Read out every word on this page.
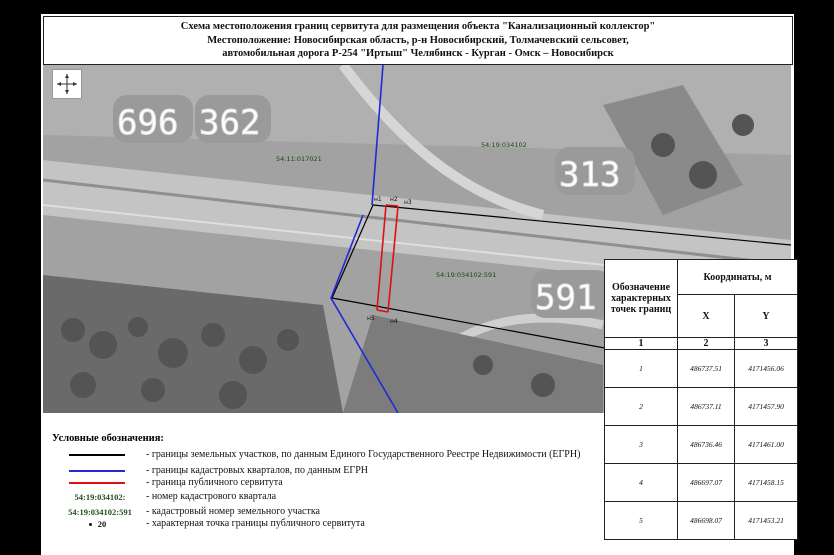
Схема местоположения границ сервитута для размещения объекта "Канализационный коллектор"
Местоположение: Новосибирская область, р-н Новосибирский, Толмачевский сельсовет,
автомобильная дорога Р-254 "Иртыш" Челябинск - Курган - Омск – Новосибирск
696 362
313
591
54:11:017021
54:19:034102
54:19:034102:591
н1 н2 н3
н4
н5
Условные обозначения:
- границы земельных участков, по данным Единого Государственного Реестре Недвижимости (ЕГРН)
- границы кадастровых кварталов, по данным ЕГРН
- граница публичного сервитута
54:19:034102:	- номер кадастрового квартала
54:19:034102:591	- кадастровый номер земельного участка
20	- характерная точка границы публичного сервитута
Обозначение характерных точек границ	Координаты, м	
	X	Y
1	2	3
1	486737.51	4171456.06
2	486737.11	4171457.90
3	486736.46	4171461.00
4	486697.07	4171458.15
5	486698.07	4171453.21
